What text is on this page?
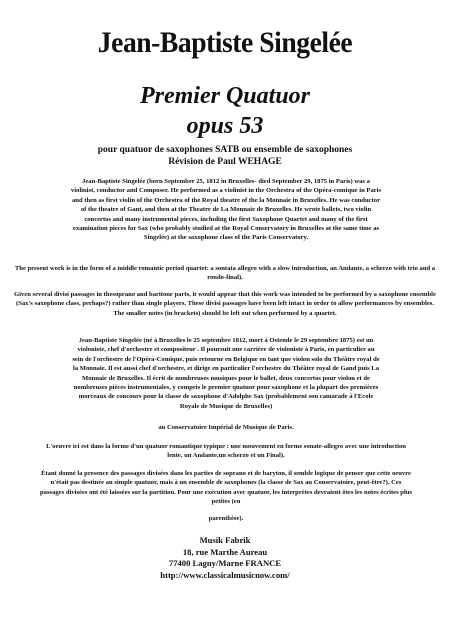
Jean-Baptiste Singelée
Premier Quatuor
opus 53
pour quatuor de saxophones SATB ou ensemble de saxophones
Révision de Paul WEHAGE
Jean-Baptiste Singelée (born September 25, 1812 in Bruxelles- died September 29, 1875 in Paris) was a violinist, conductor and Composer. He performed as a violinist in the Orchestra of the Opéra-comique in Paris and then as first violin of the Orchestra of the Royal theatre of the la Monnaie in Bruxelles. He was conductor of the theatre of Gant, and then at the Theatre de La Monnaie de Bruxelles. He wrote ballets, two violin concertos and many instrumental pieces, including the first Saxophone Quartet and many of the first examination pieces for Sax (who probably studied at the Royal Conservatory in Bruxelles at the same time as Singelée) at the saxophone class of the Paris Conservatory.
The present work is in the form of a middle romantic period quartet: a sontata allegro with a slow introduction, an Andante, a scherzo with trio and a rondo-final).
Given several divisi passages in thesoprano and baritone parts, it would appear that this work was intended to be performed by a saxophone ensemble (Sax's saxophone class, perhaps?) rather than single players. These divisi passages have been left intact in order to allow performances by ensembles. The smaller notes (in brackets) should be left out when performed by a quartet.
Jean-Baptiste Singelée (né à Bruxelles le 25 septembre 1812, mort à Ostende le 29 septembre 1875) est un violoniste, chef d'orchestre et compositeur . Il poursuit une carrière de violoniste à Paris, en particulier au sein de l'orchestre de l'Opéra-Comique, puis retourne en Belgique en tant que violon solo du Théâtre royal de la Monnaie. Il est aussi chef d'orchestre, et dirige en particulier l'orchestre du Théâtre royal de Gand puis La Monnaie de Bruxelles. Il écrit de nombreuses musiques pour le ballet, deux concertos pour violon et de nombreuses pièces instrumentales, y compris le premier quatuor pour saxophone et la plupart des premières morceaux de concours pour la classe de saxophone d'Adolphe Sax (probablement son camarade à l'Ecole Royale de Musique de Bruxelles)
au Conservatoire Impérial de Musique de Paris.
L'oeuvre ici est dans la forme d'un quatuor romantique typique : une mouvement en forme sonate-allegro avec une introduction lente, un Andante,un scherzo et un Final).
Étant donné la presence des passages divisées dans les parties de soprano et de baryton, il semble logique de penser que cette oeuvre n'était pas destinée au simple quatuor, mais à un ensemble de saxophones (la classe de Sax au Conservatoire, peut-être?). Ces passages divisées ont été laissées sur la partition. Pour une exécution avec quatuor, les interprètes devraient ôtes les notes écrites plus petites (en
parenthèse).
Musik Fabrik
18, rue Marthe Aureau
77400 Lagny/Marne FRANCE
http://www.classicalmusicnow.com/
